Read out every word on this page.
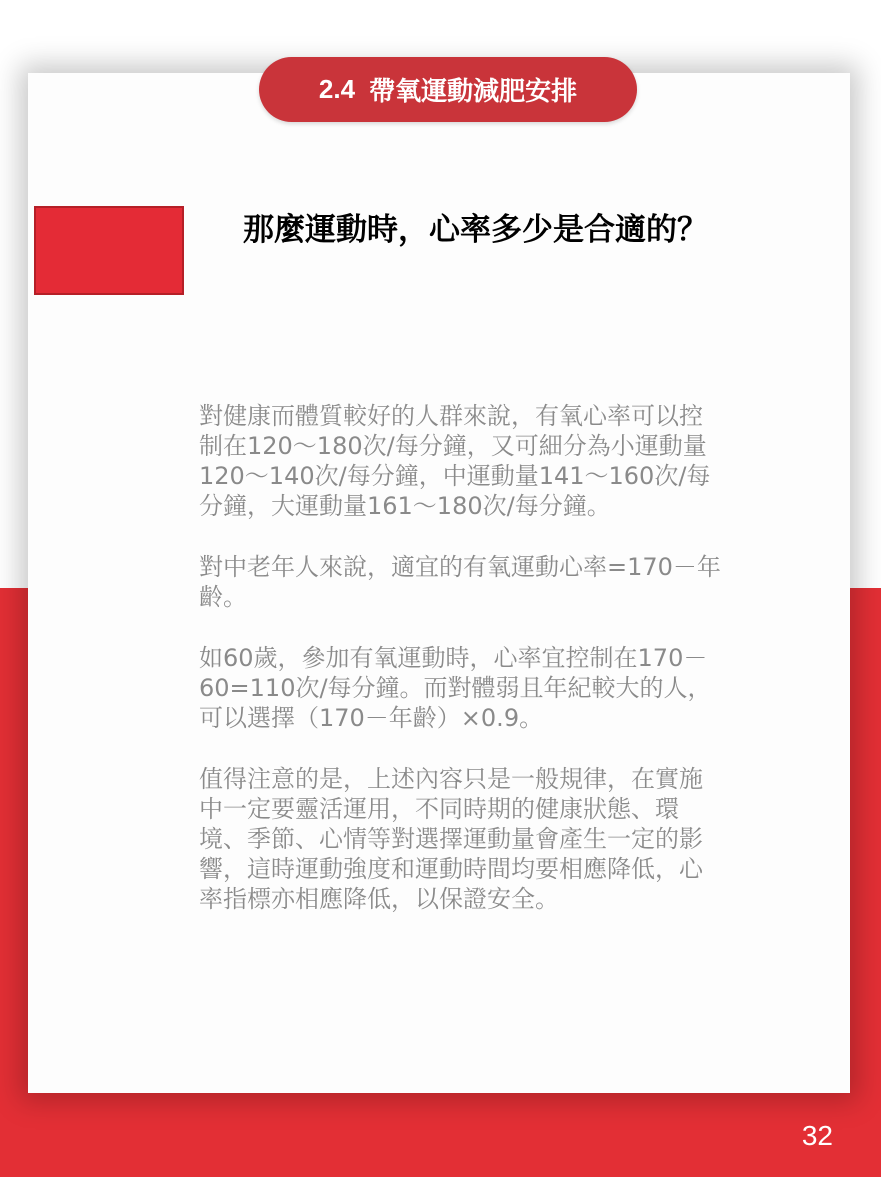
2.4 帶氧運動減肥安排
那麼運動時，心率多少是合適的？

對健康而體質較好的人群來說，有氧心率可以控制在120～180次/每分鐘，又可細分為小運動量120～140次/每分鐘，中運動量141～160次/每分鐘，大運動量161～180次/每分鐘。

對中老年人來說，適宜的有氧運動心率=170－年齡。

如60歲，參加有氧運動時，心率宜控制在170－60=110次/每分鐘。而對體弱且年紀較大的人，可以選擇（170－年齡）×0.9。

值得注意的是，上述內容只是一般規律，在實施中一定要靈活運用，不同時期的健康狀態、環境、季節、心情等對選擇運動量會產生一定的影響，這時運動強度和運動時間均要相應降低，心率指標亦相應降低，以保證安全。

32
